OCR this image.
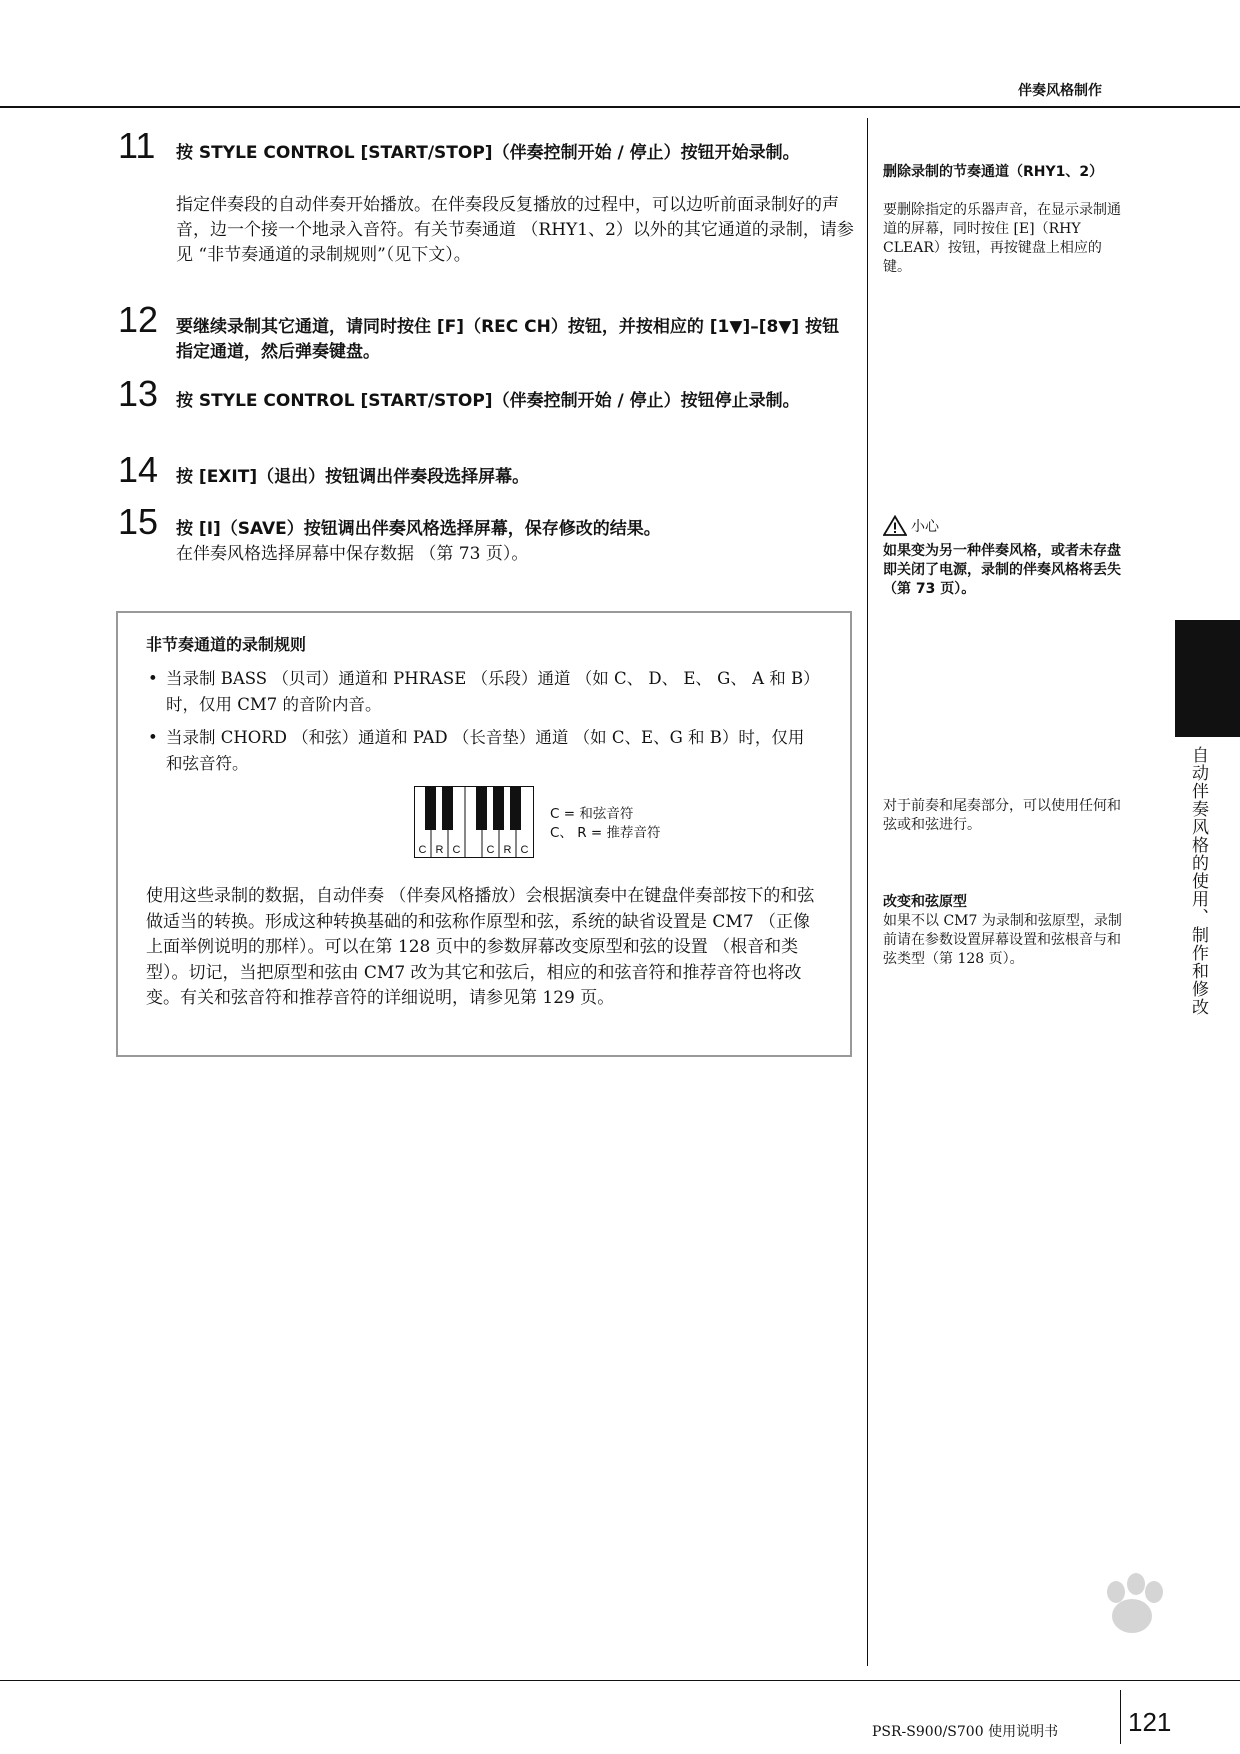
伴奏风格制作
11 按 STYLE CONTROL [START/STOP]（伴奏控制开始 / 停止）按钮开始录制。
指定伴奏段的自动伴奏开始播放。在伴奏段反复播放的过程中，可以边听前面录制好的声音，边一个接一个地录入音符。有关节奏通道 （RHY1、2）以外的其它通道的录制，请参见 “非节奏通道的录制规则”（见下文）。
12 要继续录制其它通道，请同时按住 [F]（REC CH）按钮，并按相应的 [1▼]–[8▼] 按钮指定通道，然后弹奏键盘。
13 按 STYLE CONTROL [START/STOP]（伴奏控制开始 / 停止）按钮停止录制。
14 按 [EXIT]（退出）按钮调出伴奏段选择屏幕。
15 按 [I]（SAVE）按钮调出伴奏风格选择屏幕，保存修改的结果。
在伴奏风格选择屏幕中保存数据 （第 73 页）。
非节奏通道的录制规则
• 当录制 BASS （贝司）通道和 PHRASE （乐段）通道 （如 C、 D、 E、 G、 A 和 B）时，仅用 CM7 的音阶内音。
• 当录制 CHORD （和弦）通道和 PAD （长音垫）通道 （如 C、E、G 和 B）时，仅用和弦音符。
C R C C R C
C = 和弦音符
C、 R = 推荐音符
使用这些录制的数据，自动伴奏 （伴奏风格播放）会根据演奏中在键盘伴奏部按下的和弦做适当的转换。形成这种转换基础的和弦称作原型和弦，系统的缺省设置是 CM7 （正像上面举例说明的那样）。可以在第 128 页中的参数屏幕改变原型和弦的设置 （根音和类型）。切记，当把原型和弦由 CM7 改为其它和弦后，相应的和弦音符和推荐音符也将改变。有关和弦音符和推荐音符的详细说明，请参见第 129 页。
删除录制的节奏通道（RHY1、2）
要删除指定的乐器声音，在显示录制通道的屏幕，同时按住 [E]（RHY CLEAR）按钮，再按键盘上相应的键。
小心
如果变为另一种伴奏风格，或者未存盘即关闭了电源，录制的伴奏风格将丢失（第 73 页）。
对于前奏和尾奏部分，可以使用任何和弦或和弦进行。
改变和弦原型
如果不以 CM7 为录制和弦原型，录制前请在参数设置屏幕设置和弦根音与和弦类型（第 128 页）。	自动伴奏风格的使用、制作和修改
PSR-S900/S700 使用说明书	121
